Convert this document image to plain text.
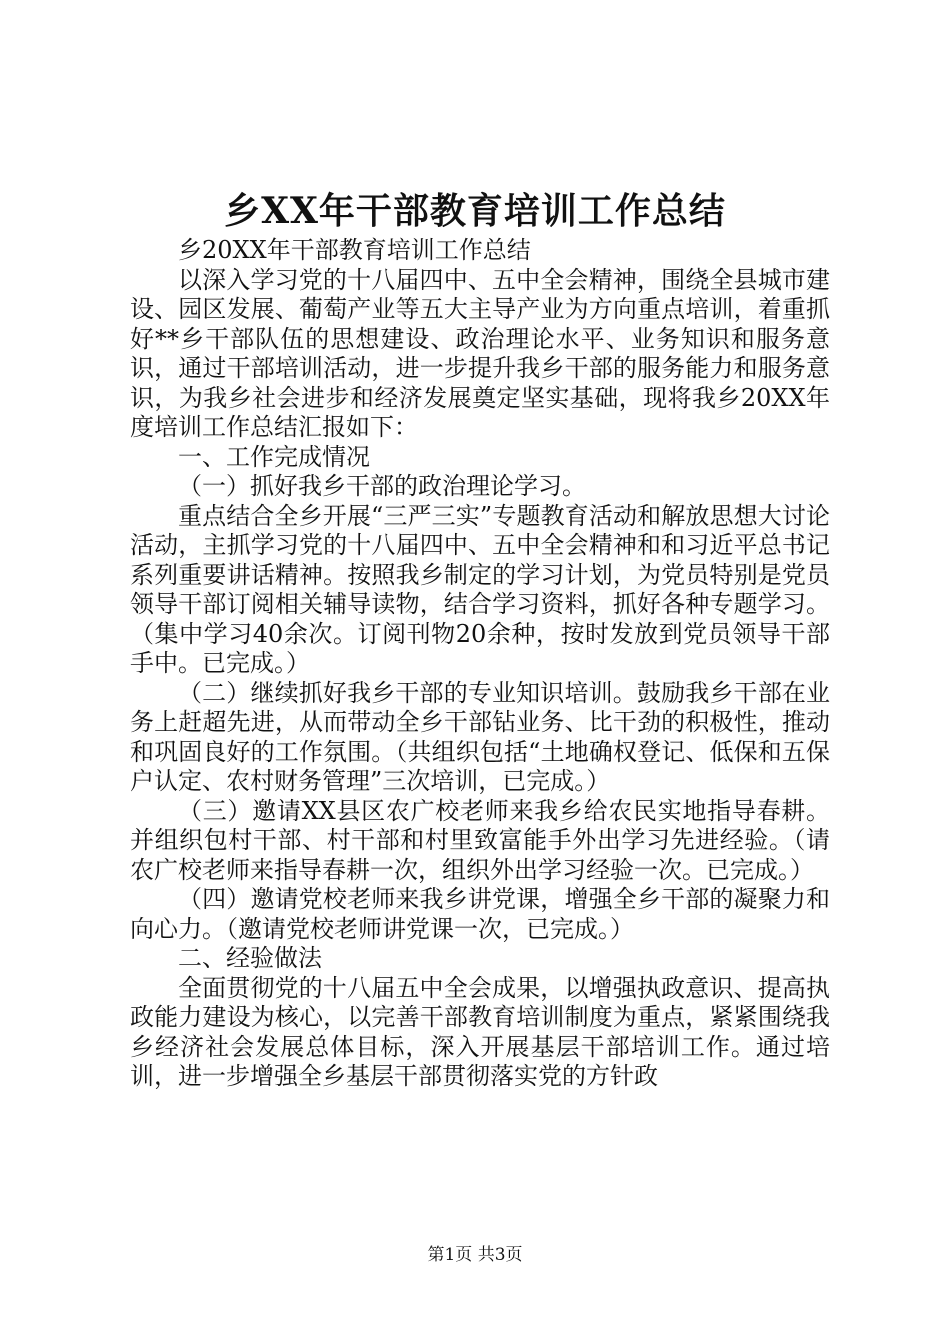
乡XX年干部教育培训工作总结

乡20XX年干部教育培训工作总结

以深入学习党的十八届四中、五中全会精神，围绕全县城市建设、园区发展、葡萄产业等五大主导产业为方向重点培训，着重抓好**乡干部队伍的思想建设、政治理论水平、业务知识和服务意识，通过干部培训活动，进一步提升我乡干部的服务能力和服务意识，为我乡社会进步和经济发展奠定坚实基础，现将我乡20XX年度培训工作总结汇报如下：

一、工作完成情况

（一）抓好我乡干部的政治理论学习。

重点结合全乡开展“三严三实”专题教育活动和解放思想大讨论活动，主抓学习党的十八届四中、五中全会精神和和习近平总书记系列重要讲话精神。按照我乡制定的学习计划，为党员特别是党员领导干部订阅相关辅导读物，结合学习资料，抓好各种专题学习。（集中学习40余次。订阅刊物20余种，按时发放到党员领导干部手中。已完成。）

（二）继续抓好我乡干部的专业知识培训。鼓励我乡干部在业务上赶超先进，从而带动全乡干部钻业务、比干劲的积极性，推动和巩固良好的工作氛围。（共组织包括“土地确权登记、低保和五保户认定、农村财务管理”三次培训，已完成。）

（三）邀请XX县区农广校老师来我乡给农民实地指导春耕。并组织包村干部、村干部和村里致富能手外出学习先进经验。（请农广校老师来指导春耕一次，组织外出学习经验一次。已完成。）

（四）邀请党校老师来我乡讲党课，增强全乡干部的凝聚力和向心力。（邀请党校老师讲党课一次，已完成。）

二、经验做法

全面贯彻党的十八届五中全会成果，以增强执政意识、提高执政能力建设为核心，以完善干部教育培训制度为重点，紧紧围绕我乡经济社会发展总体目标，深入开展基层干部培训工作。通过培训，进一步增强全乡基层干部贯彻落实党的方针政

第1页 共3页
